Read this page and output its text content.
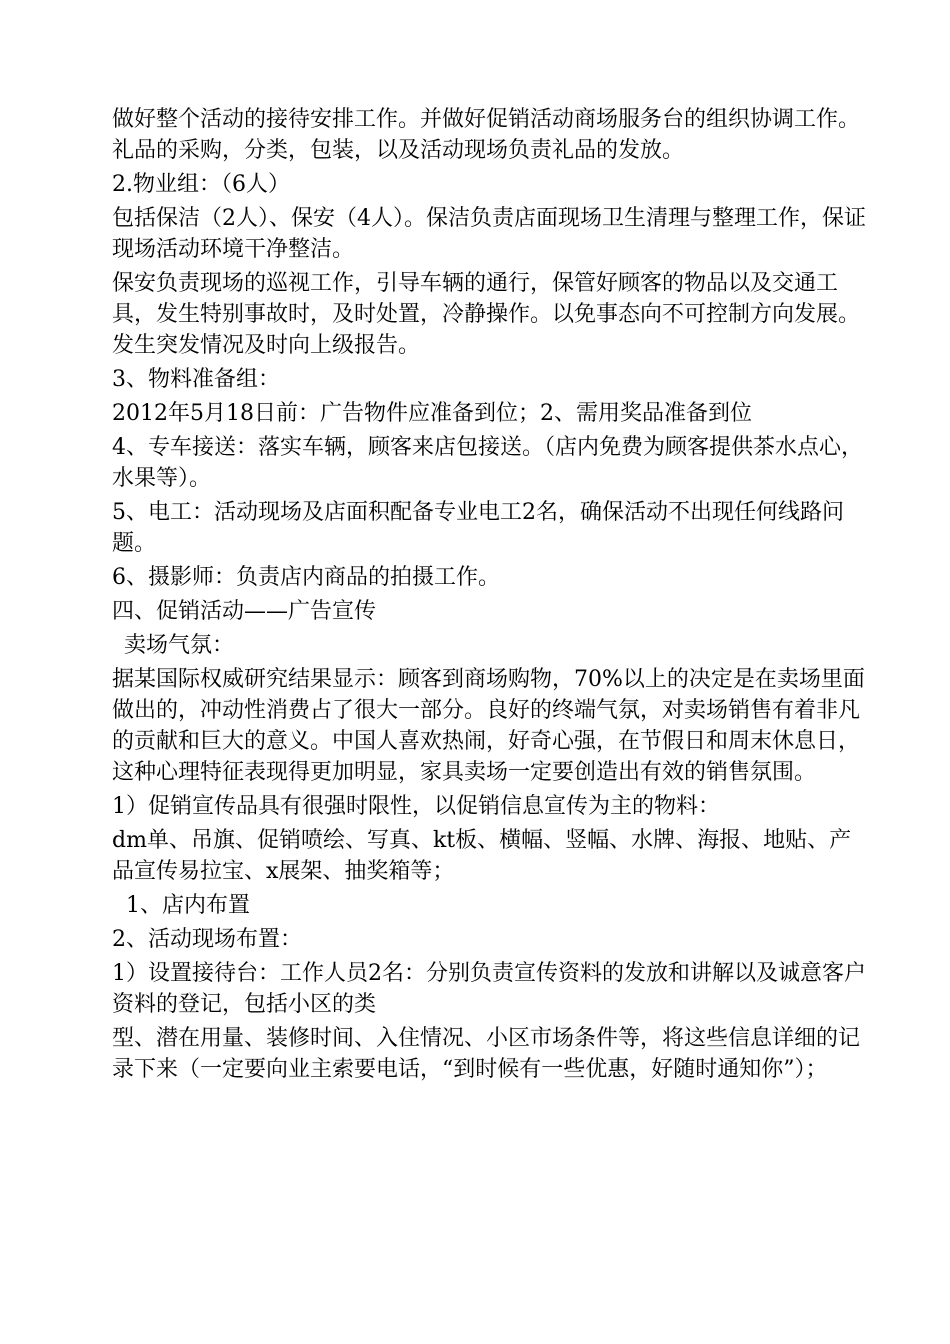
做好整个活动的接待安排工作。并做好促销活动商场服务台的组织协调工作。礼品的采购，分类，包装，以及活动现场负责礼品的发放。

2.物业组：（6人）

包括保洁（2人）、保安（4人）。保洁负责店面现场卫生清理与整理工作，保证现场活动环境干净整洁。

保安负责现场的巡视工作，引导车辆的通行，保管好顾客的物品以及交通工具，发生特别事故时，及时处置，冷静操作。以免事态向不可控制方向发展。发生突发情况及时向上级报告。

3、物料准备组：

2012年5月18日前：广告物件应准备到位；2、需用奖品准备到位

4、专车接送：落实车辆，顾客来店包接送。（店内免费为顾客提供茶水点心，水果等）。

5、电工：活动现场及店面积配备专业电工2名，确保活动不出现任何线路问题。

6、摄影师：负责店内商品的拍摄工作。

四、促销活动——广告宣传

卖场气氛：

据某国际权威研究结果显示：顾客到商场购物，70%以上的决定是在卖场里面做出的，冲动性消费占了很大一部分。良好的终端气氛，对卖场销售有着非凡的贡献和巨大的意义。中国人喜欢热闹，好奇心强，在节假日和周末休息日，这种心理特征表现得更加明显，家具卖场一定要创造出有效的销售氛围。

1）促销宣传品具有很强时限性，以促销信息宣传为主的物料：

dm单、吊旗、促销喷绘、写真、kt板、横幅、竖幅、水牌、海报、地贴、产品宣传易拉宝、x展架、抽奖箱等；

1、店内布置

2、活动现场布置：

1）设置接待台：工作人员2名：分别负责宣传资料的发放和讲解以及诚意客户资料的登记，包括小区的类

型、潜在用量、装修时间、入住情况、小区市场条件等，将这些信息详细的记录下来（一定要向业主索要电话，“到时候有一些优惠，好随时通知你”）；
